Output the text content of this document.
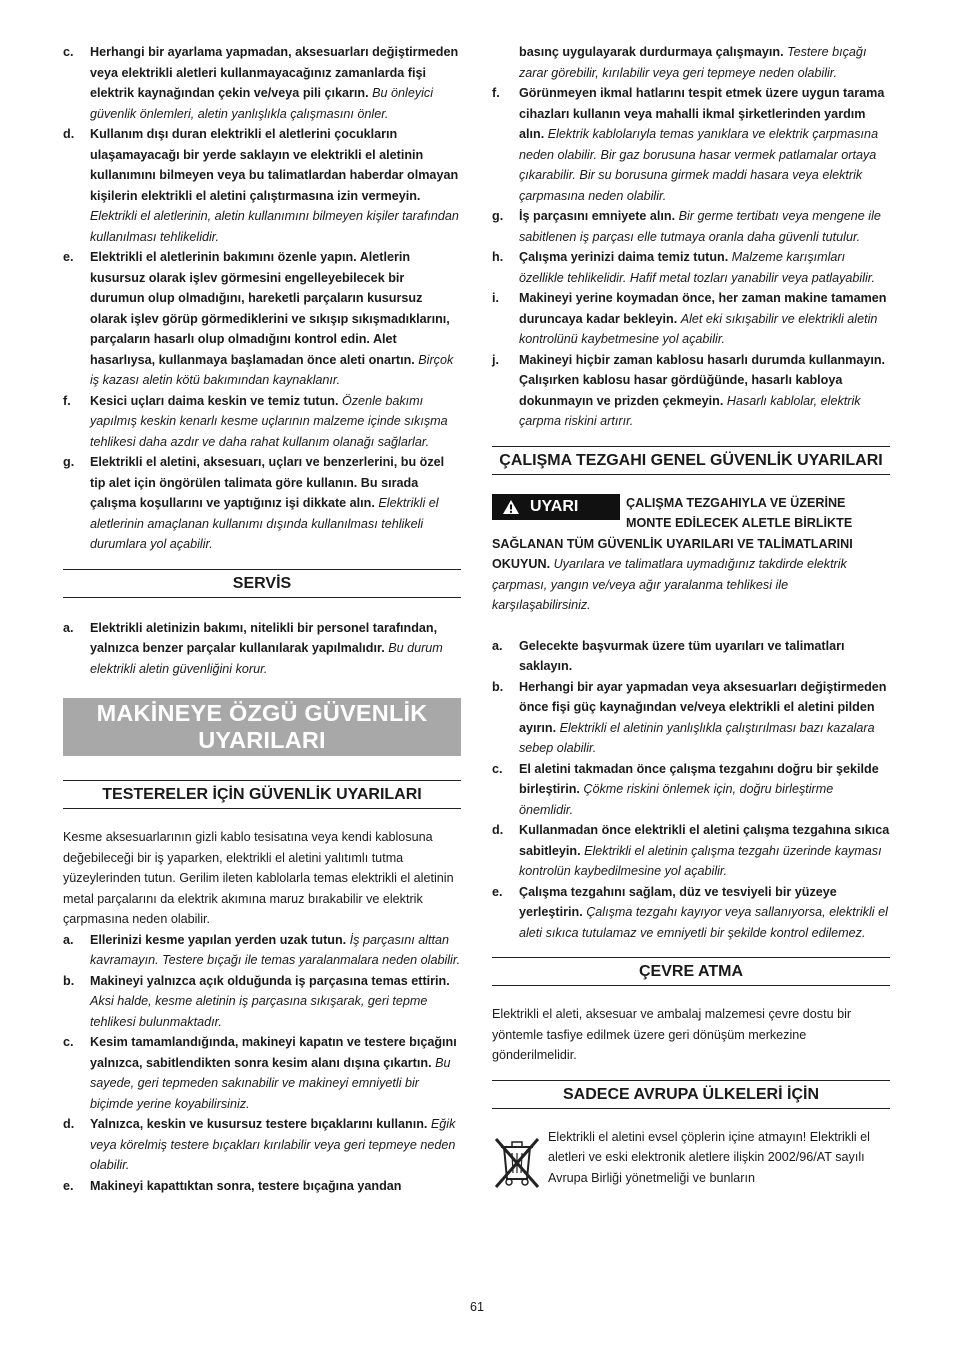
c.	Herhangi bir ayarlama yapmadan, aksesuarları değiştirmeden veya elektrikli aletleri kullanmayacağınız zamanlarda fişi elektrik kaynağından çekin ve/veya pili çıkarın. Bu önleyici güvenlik önlemleri, aletin yanlışlıkla çalışmasını önler.
d.	Kullanım dışı duran elektrikli el aletlerini çocukların ulaşamayacağı bir yerde saklayın ve elektrikli el aletinin kullanımını bilmeyen veya bu talimatlardan haberdar olmayan kişilerin elektrikli el aletini çalıştırmasına izin vermeyin. Elektrikli el aletlerinin, aletin kullanımını bilmeyen kişiler tarafından kullanılması tehlikelidir.
e.	Elektrikli el aletlerinin bakımını özenle yapın. Aletlerin kusursuz olarak işlev görmesini engelleyebilecek bir durumun olup olmadığını, hareketli parçaların kusursuz olarak işlev görüp görmediklerini ve sıkışıp sıkışmadıklarını, parçaların hasarlı olup olmadığını kontrol edin. Alet hasarlıysa, kullanmaya başlamadan önce aleti onartın. Birçok iş kazası aletin kötü bakımından kaynaklanır.
f.	Kesici uçları daima keskin ve temiz tutun. Özenle bakımı yapılmış keskin kenarlı kesme uçlarının malzeme içinde sıkışma tehlikesi daha azdır ve daha rahat kullanım olanağı sağlarlar.
g.	Elektrikli el aletini, aksesuarı, uçları ve benzerlerini, bu özel tip alet için öngörülen talimata göre kullanın. Bu sırada çalışma koşullarını ve yaptığınız işi dikkate alın. Elektrikli el aletlerinin amaçlanan kullanımı dışında kullanılması tehlikeli durumlara yol açabilir.
SERVİS
a.	Elektrikli aletinizin bakımı, nitelikli bir personel tarafından, yalnızca benzer parçalar kullanılarak yapılmalıdır. Bu durum elektrikli aletin güvenliğini korur.
MAKİNEYE ÖZGÜ GÜVENLİK UYARILARI
TESTERELER İÇİN GÜVENLİK UYARILARI
Kesme aksesuarlarının gizli kablo tesisatına veya kendi kablosuna değebileceği bir iş yaparken, elektrikli el aletini yalıtımlı tutma yüzeylerinden tutun. Gerilim ileten kablolarla temas elektrikli el aletinin metal parçalarını da elektrik akımına maruz bırakabilir ve elektrik çarpmasına neden olabilir.
a.	Ellerinizi kesme yapılan yerden uzak tutun. İş parçasını alttan kavramayın. Testere bıçağı ile temas yaralanmalara neden olabilir.
b.	Makineyi yalnızca açık olduğunda iş parçasına temas ettirin. Aksi halde, kesme aletinin iş parçasına sıkışarak, geri tepme tehlikesi bulunmaktadır.
c.	Kesim tamamlandığında, makineyi kapatın ve testere bıçağını yalnızca, sabitlendikten sonra kesim alanı dışına çıkartın. Bu sayede, geri tepmeden sakınabilir ve makineyi emniyetli bir biçimde yerine koyabilirsiniz.
d.	Yalnızca, keskin ve kusursuz testere bıçaklarını kullanın. Eğik veya körelmiş testere bıçakları kırılabilir veya geri tepmeye neden olabilir.
e.	Makineyi kapattıktan sonra, testere bıçağına yandan
basınç uygulayarak durdurmaya çalışmayın. Testere bıçağı zarar görebilir, kırılabilir veya geri tepmeye neden olabilir.
f.	Görünmeyen ikmal hatlarını tespit etmek üzere uygun tarama cihazları kullanın veya mahalli ikmal şirketlerinden yardım alın. Elektrik kablolarıyla temas yanıklara ve elektrik çarpmasına neden olabilir. Bir gaz borusuna hasar vermek patlamalar ortaya çıkarabilir. Bir su borusuna girmek maddi hasara veya elektrik çarpmasına neden olabilir.
g.	İş parçasını emniyete alın. Bir germe tertibatı veya mengene ile sabitlenen iş parçası elle tutmaya oranla daha güvenli tutulur.
h.	Çalışma yerinizi daima temiz tutun. Malzeme karışımları özellikle tehlikelidir. Hafif metal tozları yanabilir veya patlayabilir.
i.	Makineyi yerine koymadan önce, her zaman makine tamamen duruncaya kadar bekleyin. Alet eki sıkışabilir ve elektrikli aletin kontrolünü kaybetmesine yol açabilir.
j.	Makineyi hiçbir zaman kablosu hasarlı durumda kullanmayın. Çalışırken kablosu hasar gördüğünde, hasarlı kabloya dokunmayın ve prizden çekmeyin. Hasarlı kablolar, elektrik çarpma riskini artırır.
ÇALIŞMA TEZGAHI GENEL GÜVENLİK UYARILARI
UYARI	ÇALIŞMA TEZGAHIYLA VE ÜZERİNE MONTE EDİLECEK ALETLE BİRLİKTE SAĞLANAN TÜM GÜVENLİK UYARILARI VE TALİMATLARINI OKUYUN. Uyarılara ve talimatlara uymadığınız takdirde elektrik çarpması, yangın ve/veya ağır yaralanma tehlikesi ile karşılaşabilirsiniz.
a.	Gelecekte başvurmak üzere tüm uyarıları ve talimatları saklayın.
b.	Herhangi bir ayar yapmadan veya aksesuarları değiştirmeden önce fişi güç kaynağından ve/veya elektrikli el aletini pilden ayırın. Elektrikli el aletinin yanlışlıkla çalıştırılması bazı kazalara sebep olabilir.
c.	El aletini takmadan önce çalışma tezgahını doğru bir şekilde birleştirin. Çökme riskini önlemek için, doğru birleştirme önemlidir.
d.	Kullanmadan önce elektrikli el aletini çalışma tezgahına sıkıca sabitleyin. Elektrikli el aletinin çalışma tezgahı üzerinde kayması kontrolün kaybedilmesine yol açabilir.
e.	Çalışma tezgahını sağlam, düz ve tesviyeli bir yüzeye yerleştirin. Çalışma tezgahı kayıyor veya sallanıyorsa, elektrikli el aleti sıkıca tutulamaz ve emniyetli bir şekilde kontrol edilemez.
ÇEVRE ATMA
Elektrikli el aleti, aksesuar ve ambalaj malzemesi çevre dostu bir yöntemle tasfiye edilmek üzere geri dönüşüm merkezine gönderilmelidir.
SADECE AVRUPA ÜLKELERİ İÇİN
Elektrikli el aletini evsel çöplerin içine atmayın! Elektrikli el aletleri ve eski elektronik aletlere ilişkin 2002/96/AT sayılı Avrupa Birliği yönetmeliği ve bunların
61
